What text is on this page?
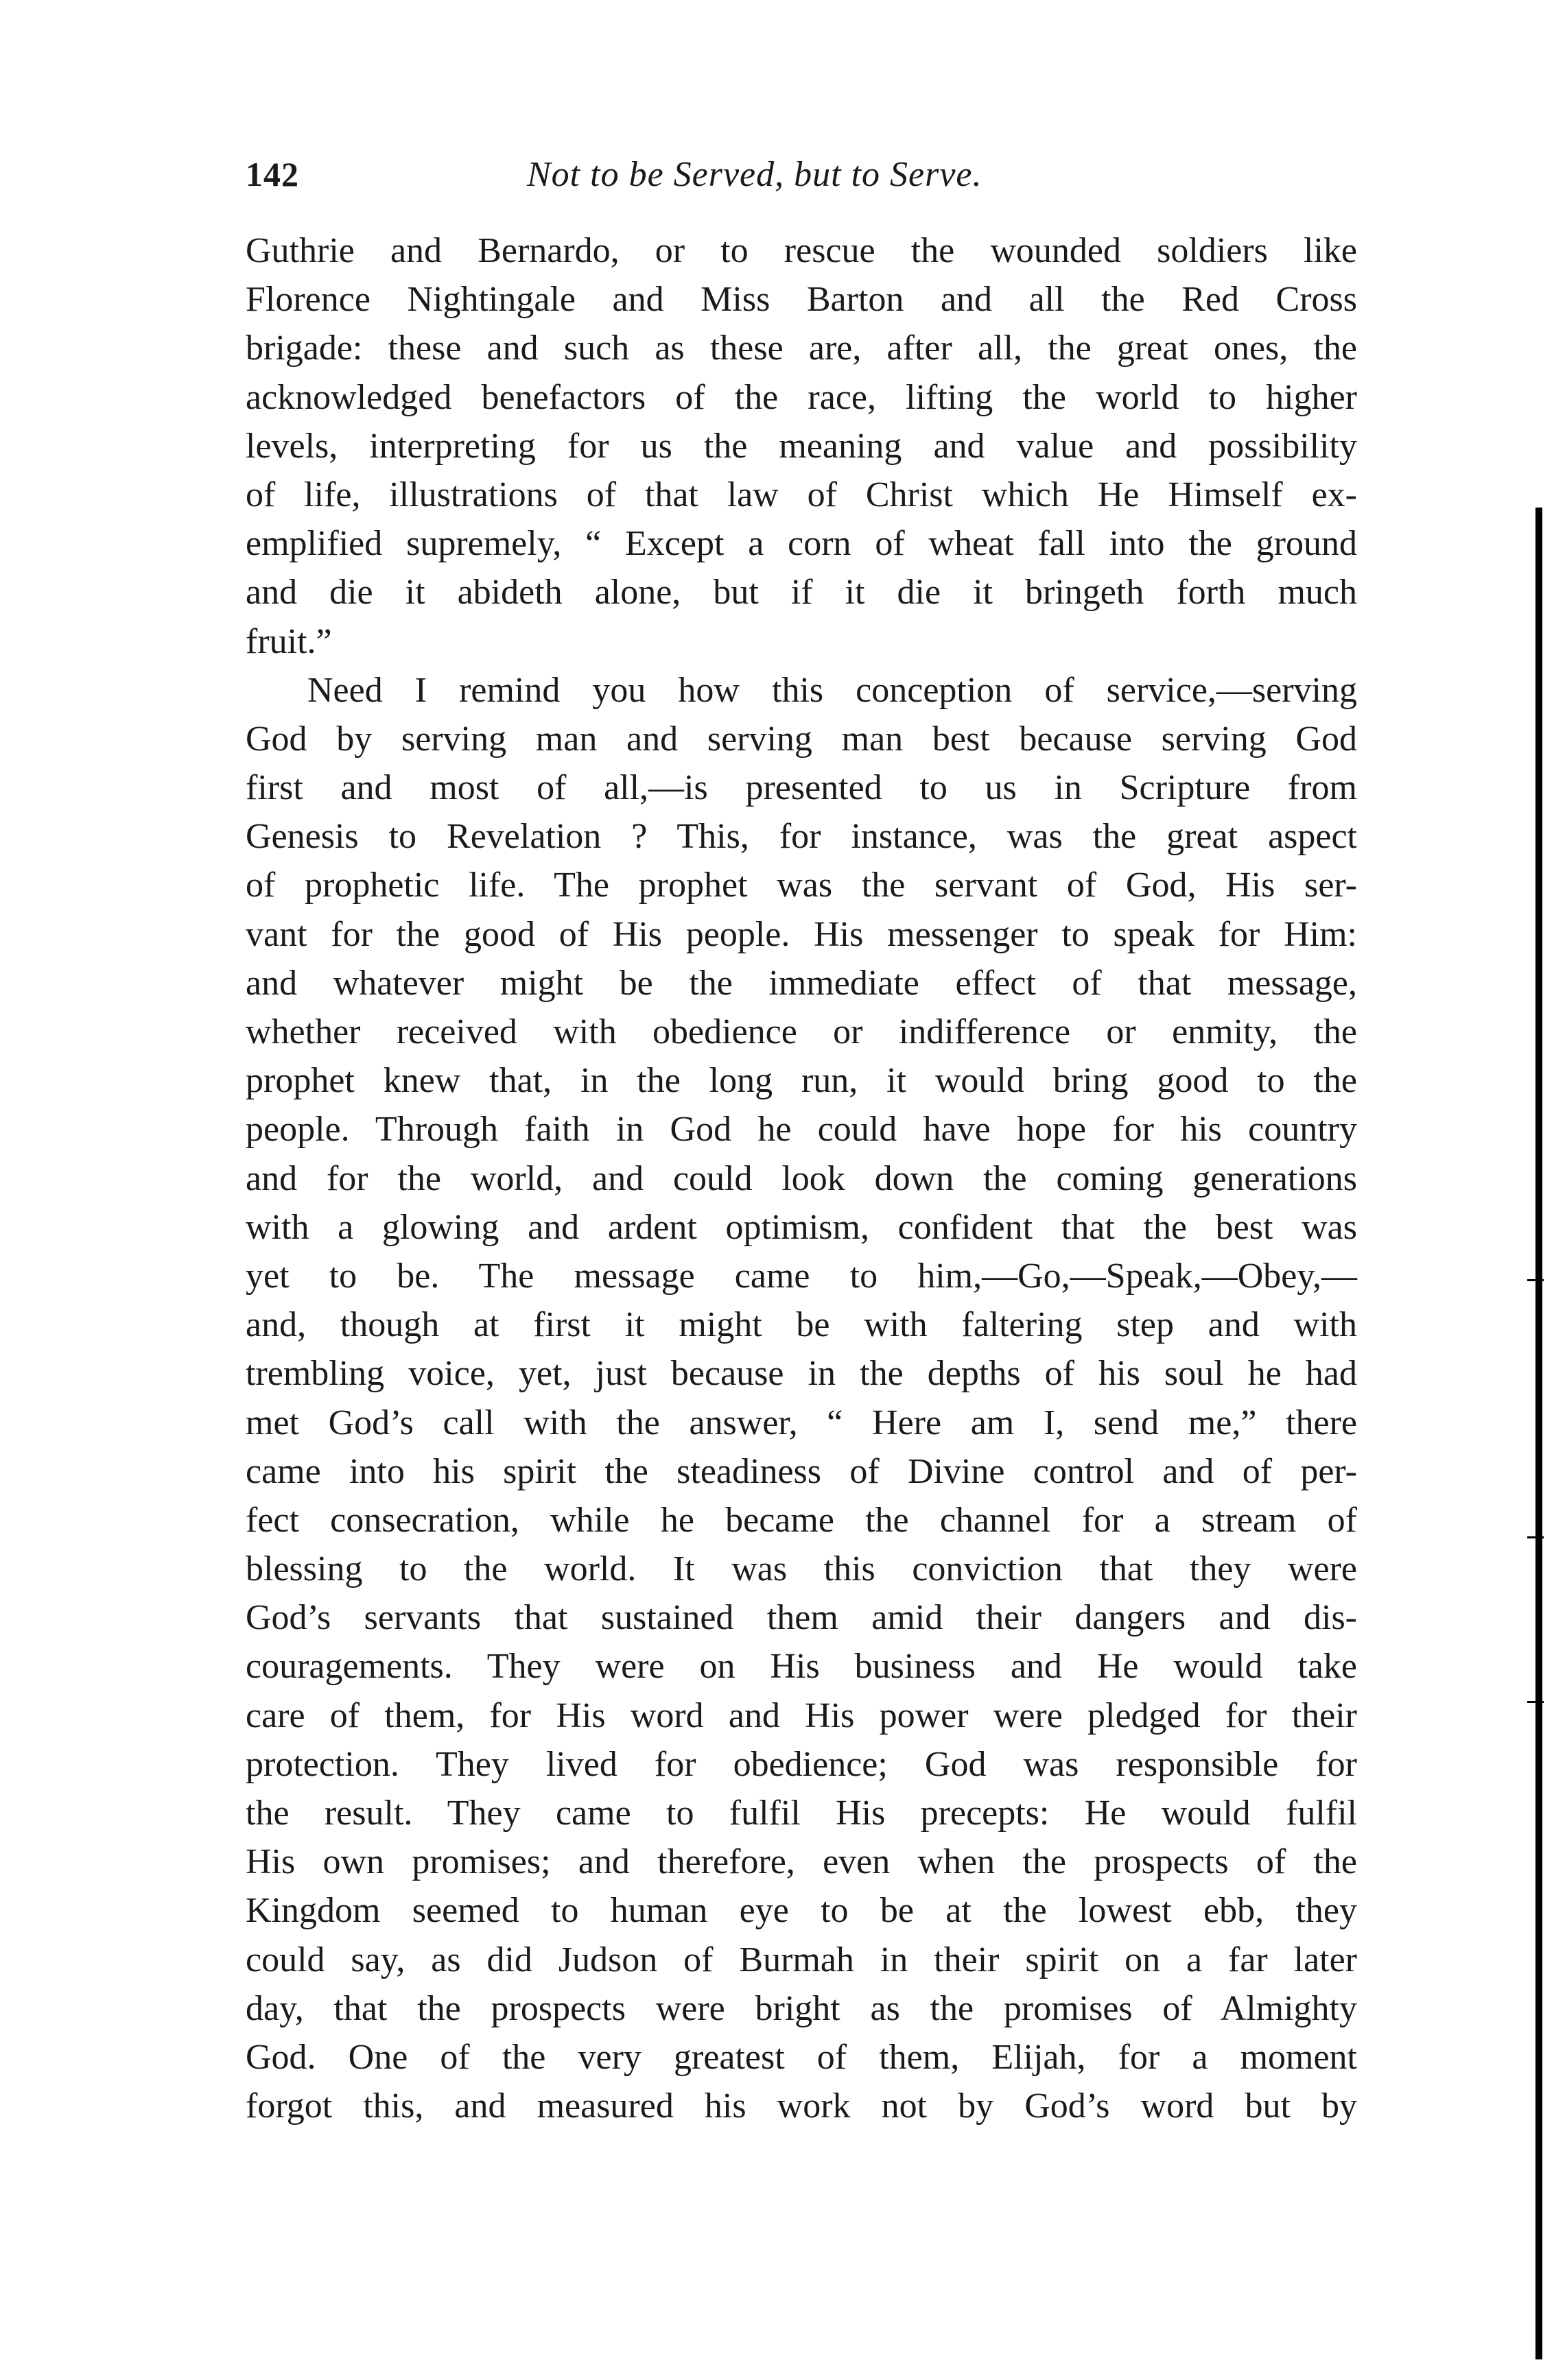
142	Not to be Served, but to Serve.
Guthrie and Bernardo, or to rescue the wounded soldiers like
Florence Nightingale and Miss Barton and all the Red Cross
brigade: these and such as these are, after all, the great ones, the
acknowledged benefactors of the race, lifting the world to higher
levels, interpreting for us the meaning and value and possibility
of life, illustrations of that law of Christ which He Himself ex-
emplified supremely, “ Except a corn of wheat fall into the ground
and die it abideth alone, but if it die it bringeth forth much
fruit.”
Need I remind you how this conception of service,—serving
God by serving man and serving man best because serving God
first and most of all,—is presented to us in Scripture from
Genesis to Revelation ? This, for instance, was the great aspect
of prophetic life. The prophet was the servant of God, His ser-
vant for the good of His people. His messenger to speak for Him:
and whatever might be the immediate effect of that message,
whether received with obedience or indifference or enmity, the
prophet knew that, in the long run, it would bring good to the
people. Through faith in God he could have hope for his country
and for the world, and could look down the coming generations
with a glowing and ardent optimism, confident that the best was
yet to be. The message came to him,—Go,—Speak,—Obey,—
and, though at first it might be with faltering step and with
trembling voice, yet, just because in the depths of his soul he had
met God’s call with the answer, “ Here am I, send me,” there
came into his spirit the steadiness of Divine control and of per-
fect consecration, while he became the channel for a stream of
blessing to the world. It was this conviction that they were
God’s servants that sustained them amid their dangers and dis-
couragements. They were on His business and He would take
care of them, for His word and His power were pledged for their
protection. They lived for obedience; God was responsible for
the result. They came to fulfil His precepts: He would fulfil
His own promises; and therefore, even when the prospects of the
Kingdom seemed to human eye to be at the lowest ebb, they
could say, as did Judson of Burmah in their spirit on a far later
day, that the prospects were bright as the promises of Almighty
God. One of the very greatest of them, Elijah, for a moment
forgot this, and measured his work not by God’s word but by
